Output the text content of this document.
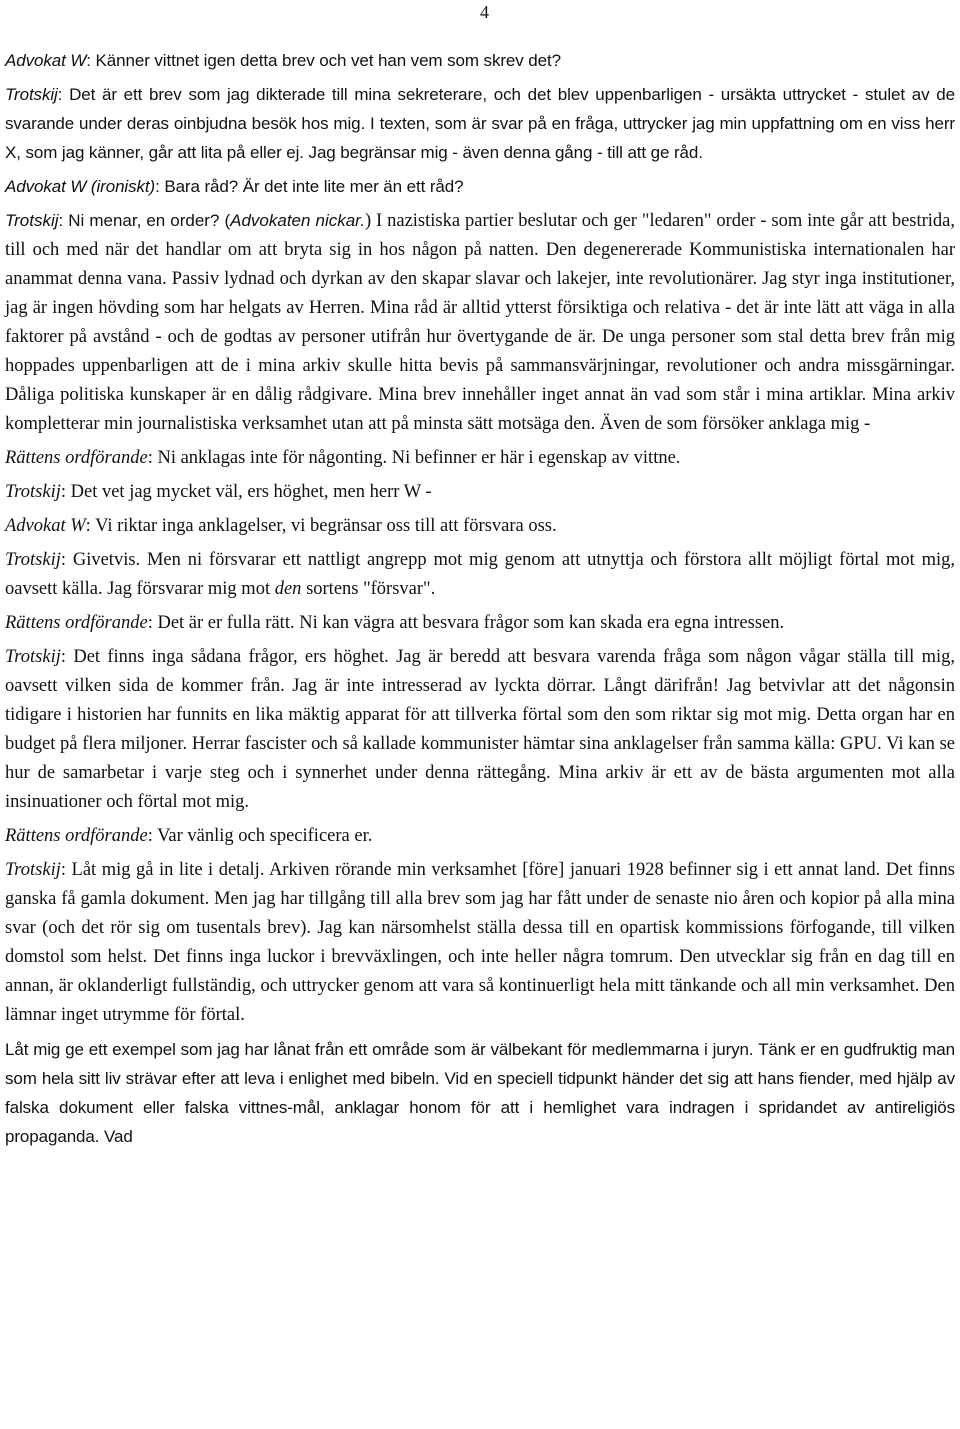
4

Advokat W: Känner vittnet igen detta brev och vet han vem som skrev det?

Trotskij: Det är ett brev som jag dikterade till mina sekreterare, och det blev uppenbarligen - ursäkta uttrycket - stulet av de svarande under deras oinbjudna besök hos mig. I texten, som är svar på en fråga, uttrycker jag min uppfattning om en viss herr X, som jag känner, går att lita på eller ej. Jag begränsar mig - även denna gång - till att ge råd.

Advokat W (ironiskt): Bara råd? Är det inte lite mer än ett råd?

Trotskij: Ni menar, en order? (Advokaten nickar.) I nazistiska partier beslutar och ger "ledaren" order - som inte går att bestrida, till och med när det handlar om att bryta sig in hos någon på natten. Den degenererade Kommunistiska internationalen har anammat denna vana. Passiv lydnad och dyrkan av den skapar slavar och lakejer, inte revolutionärer. Jag styr inga institutioner, jag är ingen hövding som har helgats av Herren. Mina råd är alltid ytterst försiktiga och relativa - det är inte lätt att väga in alla faktorer på avstånd - och de godtas av personer utifrån hur övertygande de är. De unga personer som stal detta brev från mig hoppades uppenbarligen att de i mina arkiv skulle hitta bevis på sammansvärjningar, revolutioner och andra missgärningar. Dåliga politiska kunskaper är en dålig rådgivare. Mina brev innehåller inget annat än vad som står i mina artiklar. Mina arkiv kompletterar min journalistiska verksamhet utan att på minsta sätt motsäga den. Även de som försöker anklaga mig -

Rättens ordförande: Ni anklagas inte för någonting. Ni befinner er här i egenskap av vittne.

Trotskij: Det vet jag mycket väl, ers höghet, men herr W -

Advokat W: Vi riktar inga anklagelser, vi begränsar oss till att försvara oss.

Trotskij: Givetvis. Men ni försvarar ett nattligt angrepp mot mig genom att utnyttja och förstora allt möjligt förtal mot mig, oavsett källa. Jag försvarar mig mot den sortens "försvar".

Rättens ordförande: Det är er fulla rätt. Ni kan vägra att besvara frågor som kan skada era egna intressen.

Trotskij: Det finns inga sådana frågor, ers höghet. Jag är beredd att besvara varenda fråga som någon vågar ställa till mig, oavsett vilken sida de kommer från. Jag är inte intresserad av lyckta dörrar. Långt därifrån! Jag betvivlar att det någonsin tidigare i historien har funnits en lika mäktig apparat för att tillverka förtal som den som riktar sig mot mig. Detta organ har en budget på flera miljoner. Herrar fascister och så kallade kommunister hämtar sina anklagelser från samma källa: GPU. Vi kan se hur de samarbetar i varje steg och i synnerhet under denna rättegång. Mina arkiv är ett av de bästa argumenten mot alla insinuationer och förtal mot mig.

Rättens ordförande: Var vänlig och specificera er.

Trotskij: Låt mig gå in lite i detalj. Arkiven rörande min verksamhet [före] januari 1928 befinner sig i ett annat land. Det finns ganska få gamla dokument. Men jag har tillgång till alla brev som jag har fått under de senaste nio åren och kopior på alla mina svar (och det rör sig om tusentals brev). Jag kan närsomhelst ställa dessa till en opartisk kommissions förfogande, till vilken domstol som helst. Det finns inga luckor i brevväxlingen, och inte heller några tomrum. Den utvecklar sig från en dag till en annan, är oklanderligt fullständig, och uttrycker genom att vara så kontinuerligt hela mitt tänkande och all min verksamhet. Den lämnar inget utrymme för förtal.

Låt mig ge ett exempel som jag har lånat från ett område som är välbekant för medlemmarna i juryn. Tänk er en gudfruktig man som hela sitt liv strävar efter att leva i enlighet med bibeln. Vid en speciell tidpunkt händer det sig att hans fiender, med hjälp av falska dokument eller falska vittnes-mål, anklagar honom för att i hemlighet vara indragen i spridandet av antireligiös propaganda. Vad
